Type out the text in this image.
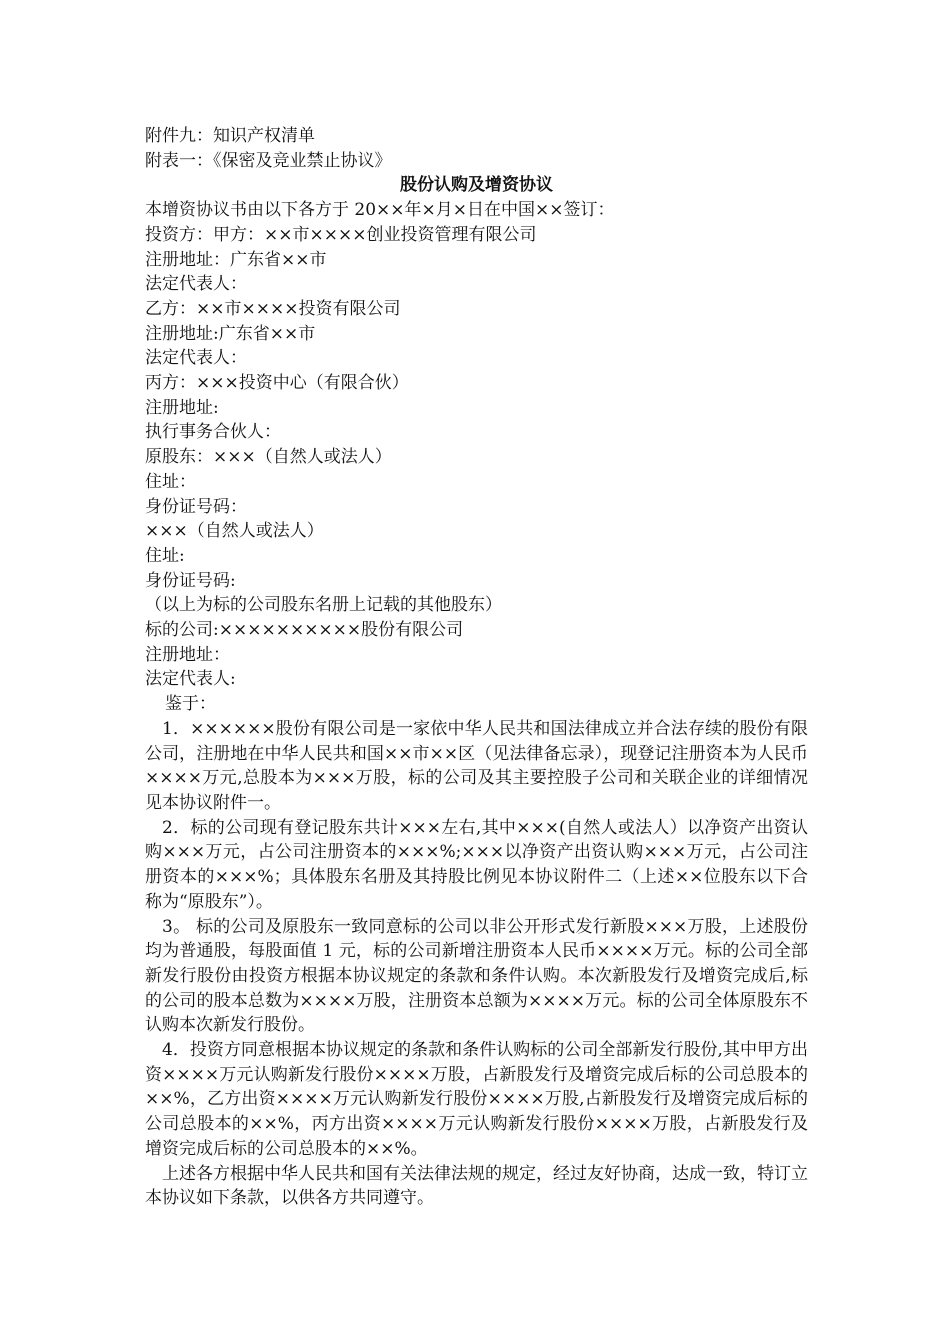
附件九：知识产权清单
附表一：《保密及竞业禁止协议》
股份认购及增资协议
本增资协议书由以下各方于 20××年×月×日在中国××签订：
投资方：甲方：××市××××创业投资管理有限公司
注册地址：广东省××市
法定代表人：
乙方：××市××××投资有限公司
注册地址:广东省××市
法定代表人：
丙方：×××投资中心（有限合伙）
注册地址:
执行事务合伙人：
原股东：×××（自然人或法人）
住址：
身份证号码：
×××（自然人或法人）
住址:
身份证号码:
（以上为标的公司股东名册上记载的其他股东）
标的公司:××××××××××股份有限公司
注册地址：
法定代表人:
鉴于：
1．××××××股份有限公司是一家依中华人民共和国法律成立并合法存续的股份有限公司，注册地在中华人民共和国××市××区（见法律备忘录），现登记注册资本为人民币××××万元,总股本为×××万股，标的公司及其主要控股子公司和关联企业的详细情况见本协议附件一。
2．标的公司现有登记股东共计×××左右,其中×××(自然人或法人）以净资产出资认购×××万元，占公司注册资本的×××%;×××以净资产出资认购×××万元，占公司注册资本的×××%；具体股东名册及其持股比例见本协议附件二（上述××位股东以下合称为“原股东”）。
3。 标的公司及原股东一致同意标的公司以非公开形式发行新股×××万股，上述股份均为普通股，每股面值 1 元，标的公司新增注册资本人民币××××万元。标的公司全部新发行股份由投资方根据本协议规定的条款和条件认购。本次新股发行及增资完成后,标的公司的股本总数为××××万股，注册资本总额为××××万元。标的公司全体原股东不认购本次新发行股份。
4．投资方同意根据本协议规定的条款和条件认购标的公司全部新发行股份,其中甲方出资××××万元认购新发行股份××××万股，占新股发行及增资完成后标的公司总股本的××%，乙方出资××××万元认购新发行股份××××万股,占新股发行及增资完成后标的公司总股本的××%，丙方出资××××万元认购新发行股份××××万股，占新股发行及增资完成后标的公司总股本的××%。
上述各方根据中华人民共和国有关法律法规的规定，经过友好协商，达成一致，特订立本协议如下条款，以供各方共同遵守。
